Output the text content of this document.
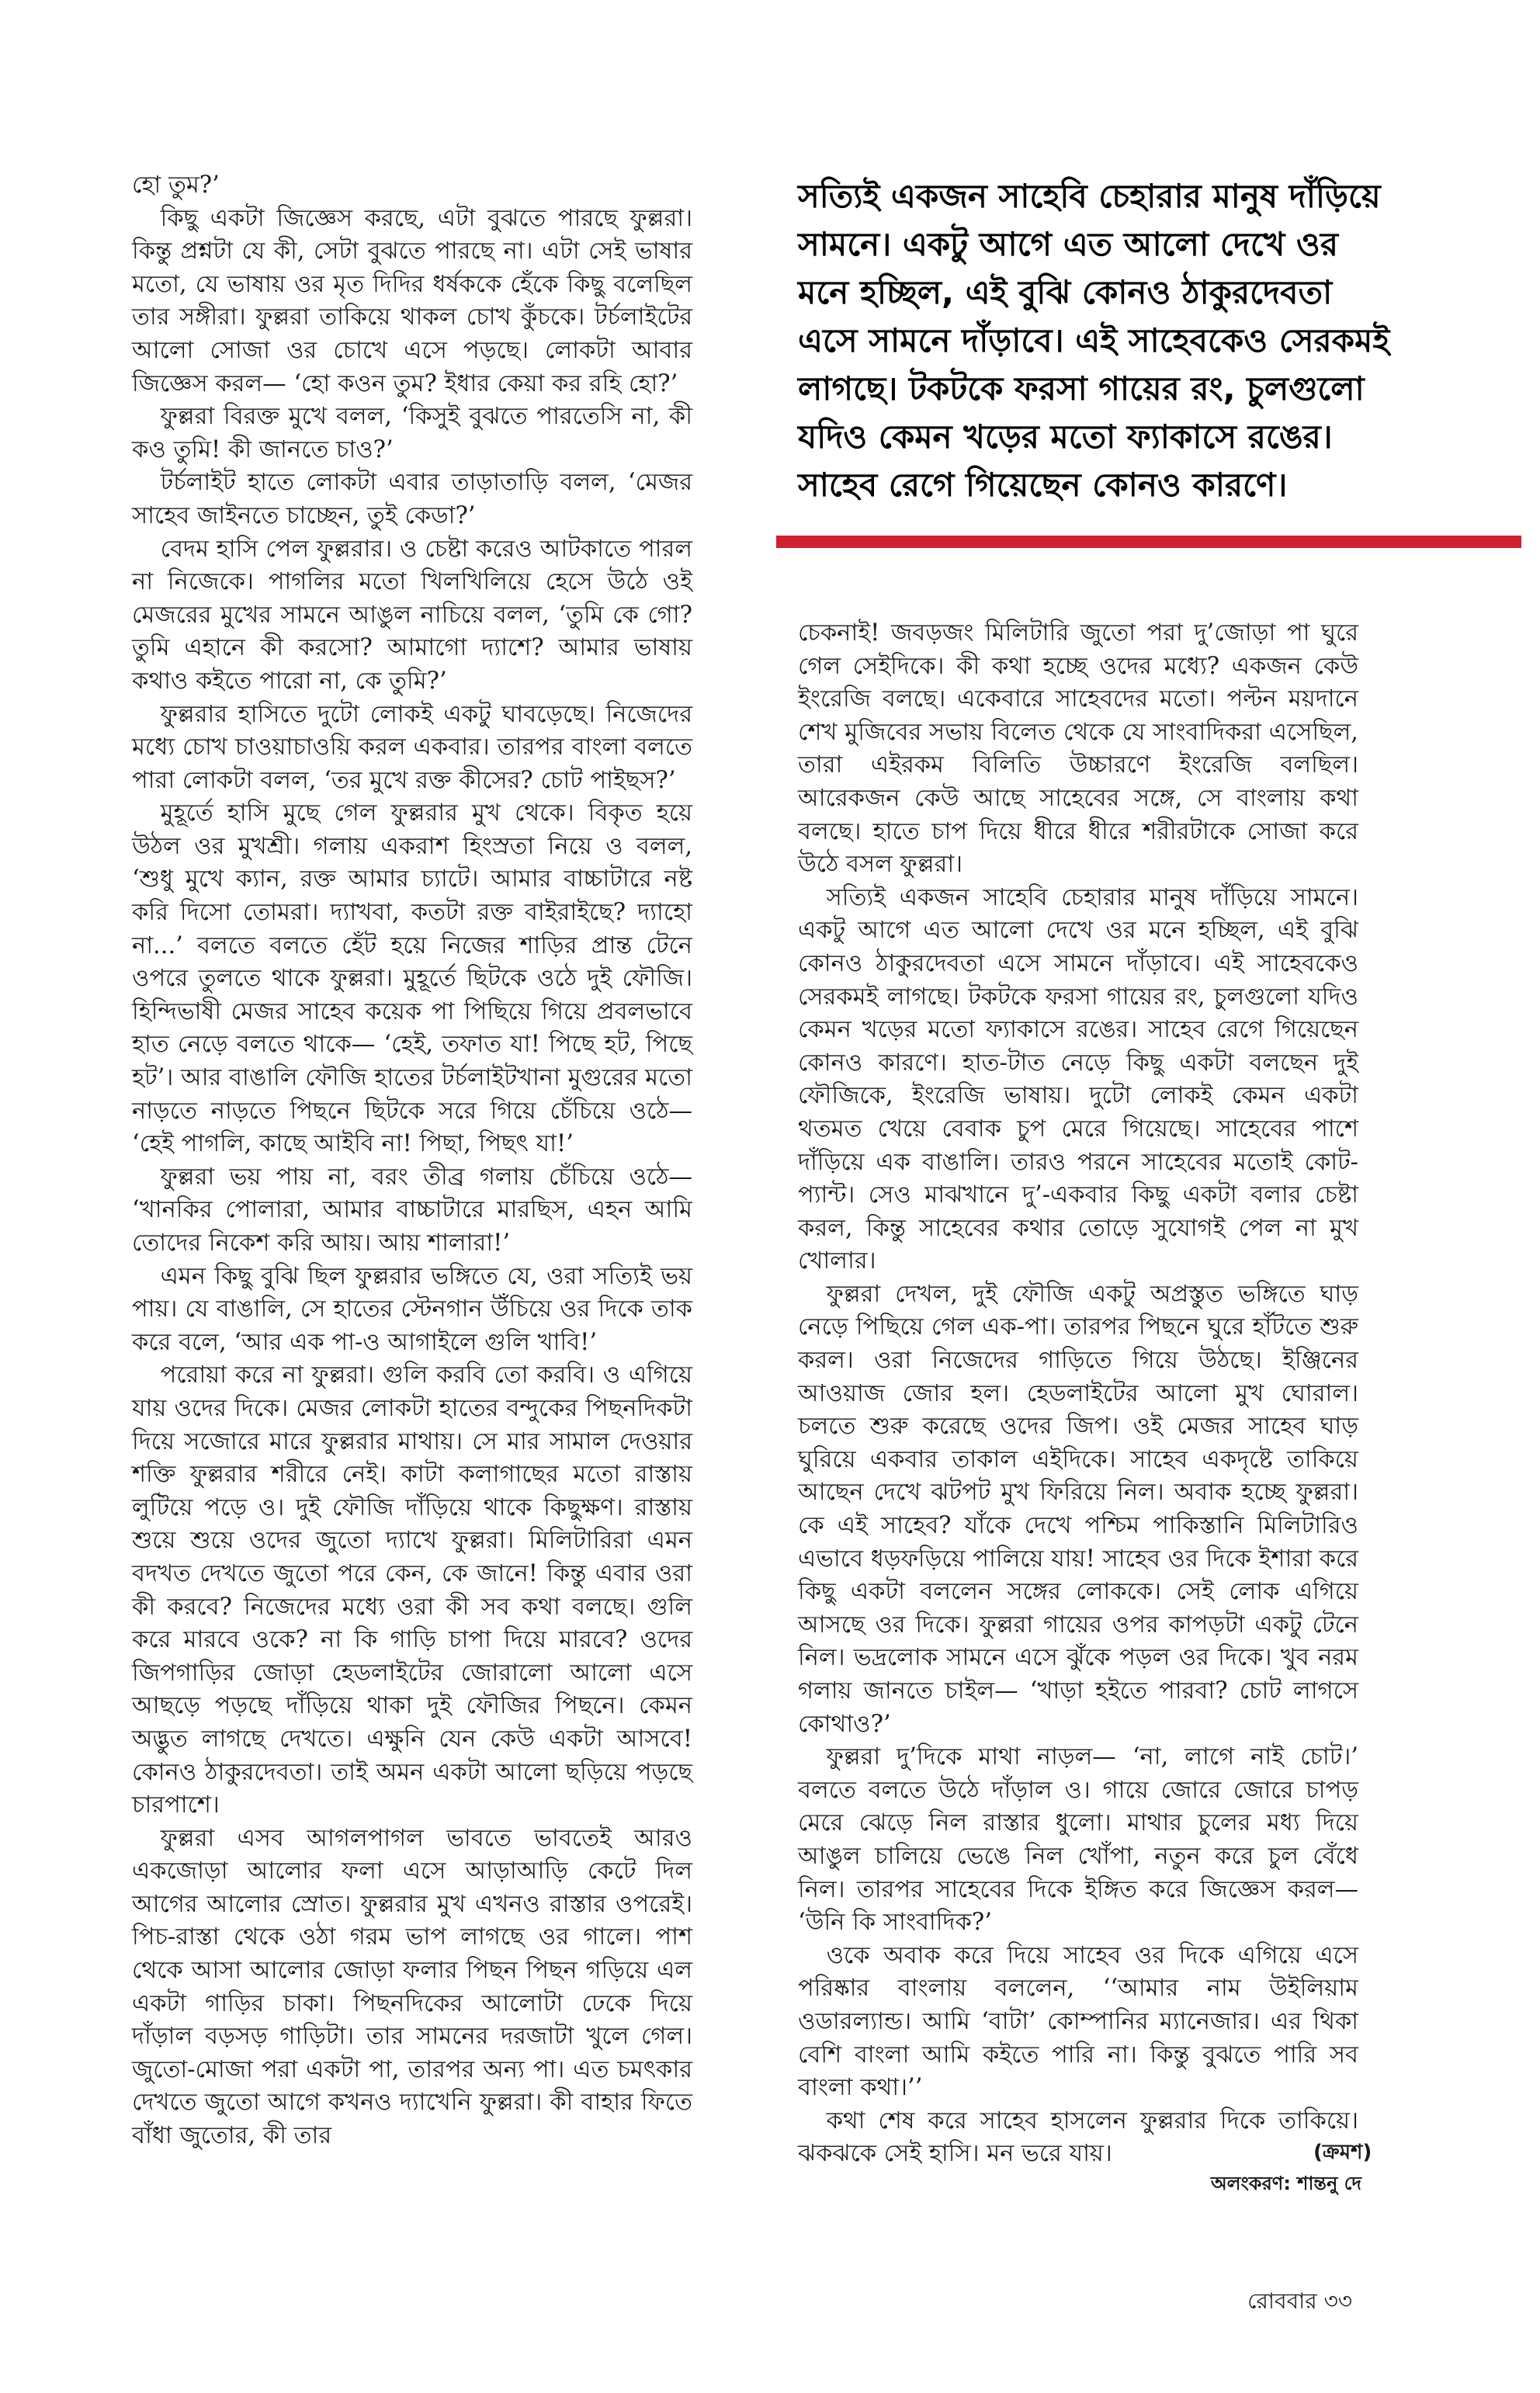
হো তুম?’

কিছু একটা জিজ্ঞেস করছে, এটা বুঝতে পারছে ফুল্লরা। কিন্তু প্রশ্নটা যে কী, সেটা বুঝতে পারছে না। এটা সেই ভাষার মতো, যে ভাষায় ওর মৃত দিদির ধর্ষককে হেঁকে কিছু বলেছিল তার সঙ্গীরা। ফুল্লরা তাকিয়ে থাকল চোখ কুঁচকে। টর্চলাইটের আলো সোজা ওর চোখে এসে পড়ছে। লোকটা আবার জিজ্ঞেস করল— ‘হো কওন তুম? ইধার কেয়া কর রহি হো?’

ফুল্লরা বিরক্ত মুখে বলল, ‘কিসুই বুঝতে পারতেসি না, কী কও তুমি! কী জানতে চাও?’

টর্চলাইট হাতে লোকটা এবার তাড়াতাড়ি বলল, ‘মেজর সাহেব জাইনতে চাচ্ছেন, তুই কেডা?’

বেদম হাসি পেল ফুল্লরার। ও চেষ্টা করেও আটকাতে পারল না নিজেকে। পাগলির মতো খিলখিলিয়ে হেসে উঠে ওই মেজরের মুখের সামনে আঙুল নাচিয়ে বলল, ‘তুমি কে গো? তুমি এহানে কী করসো? আমাগো দ্যাশে? আমার ভাষায় কথাও কইতে পারো না, কে তুমি?’

ফুল্লরার হাসিতে দুটো লোকই একটু ঘাবড়েছে। নিজেদের মধ্যে চোখ চাওয়াচাওয়ি করল একবার। তারপর বাংলা বলতে পারা লোকটা বলল, ‘তর মুখে রক্ত কীসের? চোট পাইছস?’

মুহূর্তে হাসি মুছে গেল ফুল্লরার মুখ থেকে। বিকৃত হয়ে উঠল ওর মুখশ্রী। গলায় একরাশ হিংস্রতা নিয়ে ও বলল, ‘শুধু মুখে ক্যান, রক্ত আমার চ্যাটে। আমার বাচ্চাটারে নষ্ট করি দিসো তোমরা। দ্যাখবা, কতটা রক্ত বাইরাইছে? দ্যাহো না...’ বলতে বলতে হেঁট হয়ে নিজের শাড়ির প্রান্ত টেনে ওপরে তুলতে থাকে ফুল্লরা। মুহূর্তে ছিটকে ওঠে দুই ফৌজি। হিন্দিভাষী মেজর সাহেব কয়েক পা পিছিয়ে গিয়ে প্রবলভাবে হাত নেড়ে বলতে থাকে— ‘হেই, তফাত যা! পিছে হট, পিছে হট’। আর বাঙালি ফৌজি হাতের টর্চলাইটখানা মুগুরের মতো নাড়তে নাড়তে পিছনে ছিটকে সরে গিয়ে চেঁচিয়ে ওঠে— ‘হেই পাগলি, কাছে আইবি না! পিছা, পিছৎ যা!’

ফুল্লরা ভয় পায় না, বরং তীব্র গলায় চেঁচিয়ে ওঠে— ‘খানকির পোলারা, আমার বাচ্চাটারে মারছিস, এহন আমি তোদের নিকেশ করি আয়। আয় শালারা!’

এমন কিছু বুঝি ছিল ফুল্লরার ভঙ্গিতে যে, ওরা সত্যিই ভয় পায়। যে বাঙালি, সে হাতের স্টেনগান উঁচিয়ে ওর দিকে তাক করে বলে, ‘আর এক পা-ও আগাইলে গুলি খাবি!’

পরোয়া করে না ফুল্লরা। গুলি করবি তো করবি। ও এগিয়ে যায় ওদের দিকে। মেজর লোকটা হাতের বন্দুকের পিছনদিকটা দিয়ে সজোরে মারে ফুল্লরার মাথায়। সে মার সামাল দেওয়ার শক্তি ফুল্লরার শরীরে নেই। কাটা কলাগাছের মতো রাস্তায় লুটিয়ে পড়ে ও। দুই ফৌজি দাঁড়িয়ে থাকে কিছুক্ষণ। রাস্তায় শুয়ে শুয়ে ওদের জুতো দ্যাখে ফুল্লরা। মিলিটারিরা এমন বদখত দেখতে জুতো পরে কেন, কে জানে! কিন্তু এবার ওরা কী করবে? নিজেদের মধ্যে ওরা কী সব কথা বলছে। গুলি করে মারবে ওকে? না কি গাড়ি চাপা দিয়ে মারবে? ওদের জিপগাড়ির জোড়া হেডলাইটের জোরালো আলো এসে আছড়ে পড়ছে দাঁড়িয়ে থাকা দুই ফৌজির পিছনে। কেমন অদ্ভুত লাগছে দেখতে। এক্ষুনি যেন কেউ একটা আসবে! কোনও ঠাকুরদেবতা। তাই অমন একটা আলো ছড়িয়ে পড়ছে চারপাশে।

ফুল্লরা এসব আগলপাগল ভাবতে ভাবতেই আরও একজোড়া আলোর ফলা এসে আড়াআড়ি কেটে দিল আগের আলোর স্রোত। ফুল্লরার মুখ এখনও রাস্তার ওপরেই। পিচ-রাস্তা থেকে ওঠা গরম ভাপ লাগছে ওর গালে। পাশ থেকে আসা আলোর জোড়া ফলার পিছন পিছন গড়িয়ে এল একটা গাড়ির চাকা। পিছনদিকের আলোটা ঢেকে দিয়ে দাঁড়াল বড়সড় গাড়িটা। তার সামনের দরজাটা খুলে গেল। জুতো-মোজা পরা একটা পা, তারপর অন্য পা। এত চমৎকার দেখতে জুতো আগে কখনও দ্যাখেনি ফুল্লরা। কী বাহার ফিতে বাঁধা জুতোর, কী তার

সত্যিই একজন সাহেবি চেহারার মানুষ দাঁড়িয়ে সামনে। একটু আগে এত আলো দেখে ওর মনে হচ্ছিল, এই বুঝি কোনও ঠাকুরদেবতা এসে সামনে দাঁড়াবে। এই সাহেবকেও সেরকমই লাগছে। টকটকে ফরসা গায়ের রং, চুলগুলো যদিও কেমন খড়ের মতো ফ্যাকাসে রঙের। সাহেব রেগে গিয়েছেন কোনও কারণে।

চেকনাই! জবড়জং মিলিটারি জুতো পরা দু’জোড়া পা ঘুরে গেল সেইদিকে। কী কথা হচ্ছে ওদের মধ্যে? একজন কেউ ইংরেজি বলছে। একেবারে সাহেবদের মতো। পল্টন ময়দানে শেখ মুজিবের সভায় বিলেত থেকে যে সাংবাদিকরা এসেছিল, তারা এইরকম বিলিতি উচ্চারণে ইংরেজি বলছিল। আরেকজন কেউ আছে সাহেবের সঙ্গে, সে বাংলায় কথা বলছে। হাতে চাপ দিয়ে ধীরে ধীরে শরীরটাকে সোজা করে উঠে বসল ফুল্লরা।

সত্যিই একজন সাহেবি চেহারার মানুষ দাঁড়িয়ে সামনে। একটু আগে এত আলো দেখে ওর মনে হচ্ছিল, এই বুঝি কোনও ঠাকুরদেবতা এসে সামনে দাঁড়াবে। এই সাহেবকেও সেরকমই লাগছে। টকটকে ফরসা গায়ের রং, চুলগুলো যদিও কেমন খড়ের মতো ফ্যাকাসে রঙের। সাহেব রেগে গিয়েছেন কোনও কারণে। হাত-টাত নেড়ে কিছু একটা বলছেন দুই ফৌজিকে, ইংরেজি ভাষায়। দুটো লোকই কেমন একটা থতমত খেয়ে বেবাক চুপ মেরে গিয়েছে। সাহেবের পাশে দাঁড়িয়ে এক বাঙালি। তারও পরনে সাহেবের মতোই কোট-প্যান্ট। সেও মাঝখানে দু’-একবার কিছু একটা বলার চেষ্টা করল, কিন্তু সাহেবের কথার তোড়ে সুযোগই পেল না মুখ খোলার।

ফুল্লরা দেখল, দুই ফৌজি একটু অপ্রস্তুত ভঙ্গিতে ঘাড় নেড়ে পিছিয়ে গেল এক-পা। তারপর পিছনে ঘুরে হাঁটতে শুরু করল। ওরা নিজেদের গাড়িতে গিয়ে উঠছে। ইঞ্জিনের আওয়াজ জোর হল। হেডলাইটের আলো মুখ ঘোরাল। চলতে শুরু করেছে ওদের জিপ। ওই মেজর সাহেব ঘাড় ঘুরিয়ে একবার তাকাল এইদিকে। সাহেব একদৃষ্টে তাকিয়ে আছেন দেখে ঝটপট মুখ ফিরিয়ে নিল। অবাক হচ্ছে ফুল্লরা। কে এই সাহেব? যাঁকে দেখে পশ্চিম পাকিস্তানি মিলিটারিও এভাবে ধড়ফড়িয়ে পালিয়ে যায়! সাহেব ওর দিকে ইশারা করে কিছু একটা বললেন সঙ্গের লোককে। সেই লোক এগিয়ে আসছে ওর দিকে। ফুল্লরা গায়ের ওপর কাপড়টা একটু টেনে নিল। ভদ্রলোক সামনে এসে ঝুঁকে পড়ল ওর দিকে। খুব নরম গলায় জানতে চাইল— ‘খাড়া হইতে পারবা? চোট লাগসে কোথাও?’

ফুল্লরা দু’দিকে মাথা নাড়ল— ‘না, লাগে নাই চোট।’ বলতে বলতে উঠে দাঁড়াল ও। গায়ে জোরে জোরে চাপড় মেরে ঝেড়ে নিল রাস্তার ধুলো। মাথার চুলের মধ্য দিয়ে আঙুল চালিয়ে ভেঙে নিল খোঁপা, নতুন করে চুল বেঁধে নিল। তারপর সাহেবের দিকে ইঙ্গিত করে জিজ্ঞেস করল— ‘উনি কি সাংবাদিক?’

ওকে অবাক করে দিয়ে সাহেব ওর দিকে এগিয়ে এসে পরিষ্কার বাংলায় বললেন, ‘‘আমার নাম উইলিয়াম ওডারল্যান্ড। আমি ‘বাটা’ কোম্পানির ম্যানেজার। এর থিকা বেশি বাংলা আমি কইতে পারি না। কিন্তু বুঝতে পারি সব বাংলা কথা।’’

কথা শেষ করে সাহেব হাসলেন ফুল্লরার দিকে তাকিয়ে। ঝকঝকে সেই হাসি। মন ভরে যায়।	(ক্রমশ)
অলংকরণ: শান্তনু দে
রোববার ৩৩
